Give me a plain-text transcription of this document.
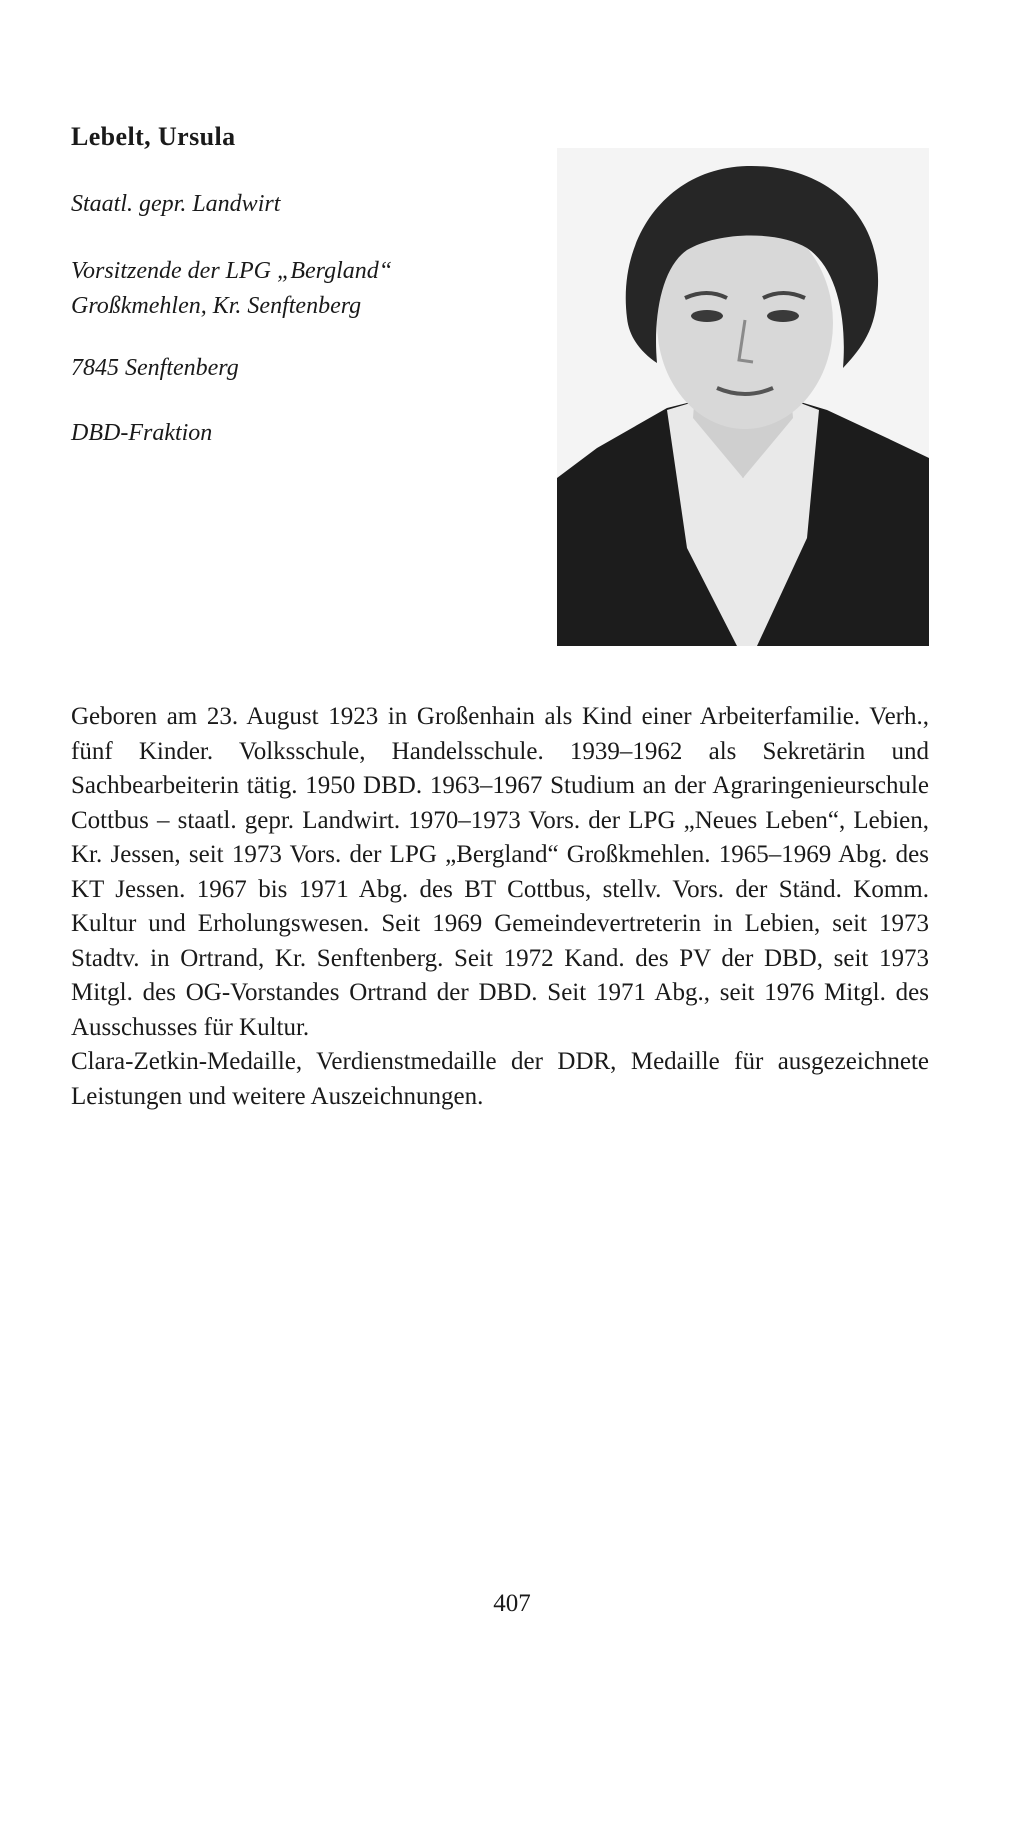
Lebelt, Ursula
Staatl. gepr. Landwirt
Vorsitzende der LPG „Bergland“
Großkmehlen, Kr. Senftenberg
7845 Senftenberg
DBD-Fraktion

Geboren am 23. August 1923 in Großenhain als Kind einer Arbeiterfamilie. Verh., fünf Kinder. Volksschule, Handelsschule. 1939–1962 als Sekretärin und Sachbearbeiterin tätig. 1950 DBD. 1963–1967 Studium an der Agraringenieurschule Cottbus – staatl. gepr. Landwirt. 1970–1973 Vors. der LPG „Neues Leben“, Lebien, Kr. Jessen, seit 1973 Vors. der LPG „Bergland“ Großkmehlen. 1965–1969 Abg. des KT Jessen. 1967 bis 1971 Abg. des BT Cottbus, stellv. Vors. der Ständ. Komm. Kultur und Erholungswesen. Seit 1969 Gemeindevertreterin in Lebien, seit 1973 Stadtv. in Ortrand, Kr. Senftenberg. Seit 1972 Kand. des PV der DBD, seit 1973 Mitgl. des OG-Vorstandes Ortrand der DBD. Seit 1971 Abg., seit 1976 Mitgl. des Ausschusses für Kultur.

Clara-Zetkin-Medaille, Verdienstmedaille der DDR, Medaille für ausgezeichnete Leistungen und weitere Auszeichnungen.

407
